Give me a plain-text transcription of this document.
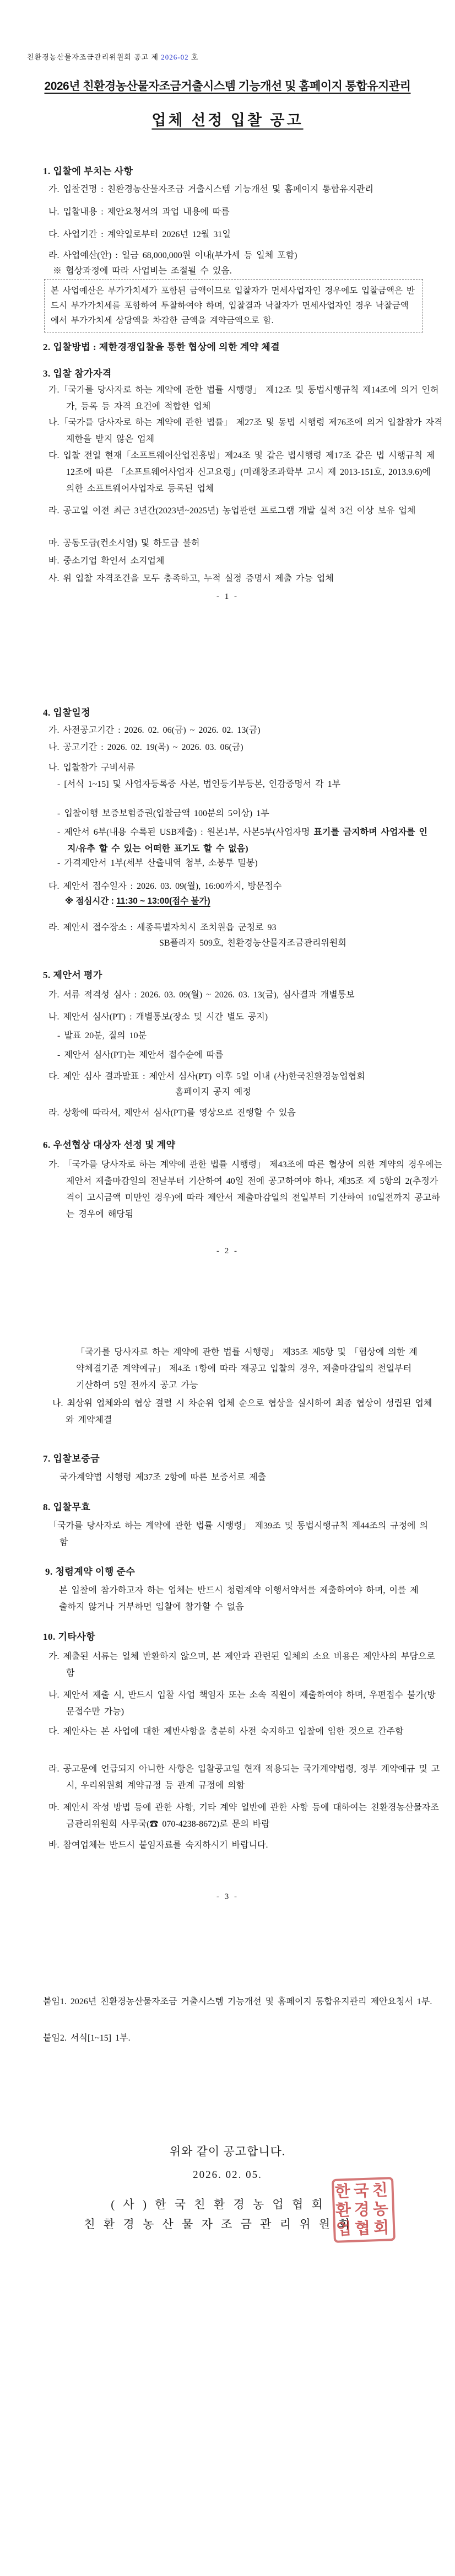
친환경농산물자조금관리위원회 공고 제 2026-02 호
2026년 친환경농산물자조금거출시스템 기능개선 및 홈페이지 통합유지관리
업체 선정 입찰 공고
1. 입찰에 부치는 사항
가. 입찰건명 : 친환경농산물자조금 거출시스템 기능개선 및 홈페이지 통합유지관리
나. 입찰내용 : 제안요청서의 과업 내용에 따름
다. 사업기간 : 계약일로부터 2026년 12월 31일
라. 사업예산(안) : 일금 68,000,000원 이내(부가세 등 일체 포함)
※ 협상과정에 따라 사업비는 조절될 수 있음.
본 사업예산은 부가가치세가 포함된 금액이므로 입찰자가 면세사업자인 경우에도 입찰금액은 반드시 부가가치세를 포함하여 투찰하여야 하며, 입찰결과 낙찰자가 면세사업자인 경우 낙찰금액에서 부가가치세 상당액을 차감한 금액을 계약금액으로 함.
2. 입찰방법 : 제한경쟁입찰을 통한 협상에 의한 계약 체결
3. 입찰 참가자격
가.「국가를 당사자로 하는 계약에 관한 법률 시행령」 제12조 및 동법시행규칙 제14조에 의거 인허가, 등록 등 자격 요건에 적합한 업체
나.「국가를 당사자로 하는 계약에 관한 법률」 제27조 및 동법 시행령 제76조에 의거 입찰참가 자격제한을 받지 않은 업체
다. 입찰 전일 현재「소프트웨어산업진흥법」제24조 및 같은 법시행령 제17조 같은 법 시행규칙 제12조에 따른 「소프트웨어사업자 신고요령」(미래창조과학부 고시 제 2013-151호, 2013.9.6)에 의한 소프트웨어사업자로 등록된 업체
라. 공고일 이전 최근 3년간(2023년~2025년) 농업관련 프로그램 개발 실적 3건 이상 보유 업체
마. 공동도급(컨소시엄) 및 하도급 불허
바. 중소기업 확인서 소지업체
사. 위 입찰 자격조건을 모두 충족하고, 누적 실정 증명서 제출 가능 업체
- 1 -
4. 입찰일정
가. 사전공고기간 : 2026. 02. 06(금) ~ 2026. 02. 13(금)
나. 공고기간 : 2026. 02. 19(목) ~ 2026. 03. 06(금)
나. 입찰참가 구비서류
- [서식 1~15] 및 사업자등록증 사본, 법인등기부등본, 인감증명서 각 1부
- 입찰이행 보증보험증권(입찰금액 100분의 5이상) 1부
- 제안서 6부(내용 수록된 USB제출) : 원본1부, 사본5부(사업자명 표기를 금지하며 사업자를 인지/유추 할 수 있는 어떠한 표기도 할 수 없음)
- 가격제안서 1부(세부 산출내역 첨부, 소봉투 밀봉)
다. 제안서 접수일자 : 2026. 03. 09(월), 16:00까지, 방문접수
※ 점심시간 : 11:30 ~ 13:00(접수 불가)
라. 제안서 접수장소 : 세종특별자치시 조치원읍 군청로 93
SB플라자 509호, 친환경농산물자조금관리위원회
5. 제안서 평가
가. 서류 적격성 심사 : 2026. 03. 09(월) ~ 2026. 03. 13(금), 심사결과 개별통보
나. 제안서 심사(PT) : 개별통보(장소 및 시간 별도 공지)
- 발표 20분, 질의 10분
- 제안서 심사(PT)는 제안서 접수순에 따름
다. 제안 심사 결과발표 : 제안서 심사(PT) 이후 5일 이내 (사)한국친환경농업협회
홈페이지 공지 예정
라. 상황에 따라서, 제안서 심사(PT)를 영상으로 진행할 수 있음
6. 우선협상 대상자 선정 및 계약
가. 「국가를 당사자로 하는 계약에 관한 법률 시행령」 제43조에 따른 협상에 의한 계약의 경우에는 제안서 제출마감일의 전날부터 기산하여 40일 전에 공고하여야 하나, 제35조 제 5항의 2(추정가격이 고시금액 미만인 경우)에 따라 제안서 제출마감일의 전일부터 기산하여 10일전까지 공고하는 경우에 해당됨
- 2 -
「국가를 당사자로 하는 계약에 관한 법률 시행령」 제35조 제5항 및 「협상에 의한 계약체결기준 계약예규」 제4조 1항에 따라 재공고 입찰의 경우, 제출마감일의 전일부터 기산하여 5일 전까지 공고 가능
나. 최상위 업체와의 협상 결렬 시 차순위 업체 순으로 협상을 실시하여 최종 협상이 성립된 업체와 계약체결
7. 입찰보증금
국가계약법 시행령 제37조 2항에 따른 보증서로 제출
8. 입찰무효
「국가를 당사자로 하는 계약에 관한 법률 시행령」 제39조 및 동법시행규칙 제44조의 규정에 의함
9. 청렴계약 이행 준수
본 입찰에 참가하고자 하는 업체는 반드시 청렴계약 이행서약서를 제출하여야 하며, 이를 제출하지 않거나 거부하면 입찰에 참가할 수 없음
10. 기타사항
가. 제출된 서류는 일체 반환하지 않으며, 본 제안과 관련된 일체의 소요 비용은 제안사의 부담으로 함
나. 제안서 제출 시, 반드시 입찰 사업 책임자 또는 소속 직원이 제출하여야 하며, 우편접수 불가(방문접수만 가능)
다. 제안사는 본 사업에 대한 제반사항을 충분히 사전 숙지하고 입찰에 임한 것으로 간주함
라. 공고문에 언급되지 아니한 사항은 입찰공고일 현재 적용되는 국가계약법령, 정부 계약예규 및 고시, 우리위원회 계약규정 등 관계 규정에 의함
마. 제안서 작성 방법 등에 관한 사항, 기타 계약 일반에 관한 사항 등에 대하여는 친환경농산물자조금관리위원회 사무국(☎ 070-4238-8672)로 문의 바람
바. 참여업체는 반드시 붙임자료를 숙지하시기 바랍니다.
- 3 -
붙임1. 2026년 친환경농산물자조금 거출시스템 기능개선 및 홈페이지 통합유지관리 제안요청서 1부.
붙임2. 서식[1~15] 1부.
위와 같이 공고합니다.
2026. 02. 05.
( 사 ) 한 국 친 환 경 농 업 협 회
친 환 경 농 산 물 자 조 금 관 리 위 원 회
한국친환경농업협회
